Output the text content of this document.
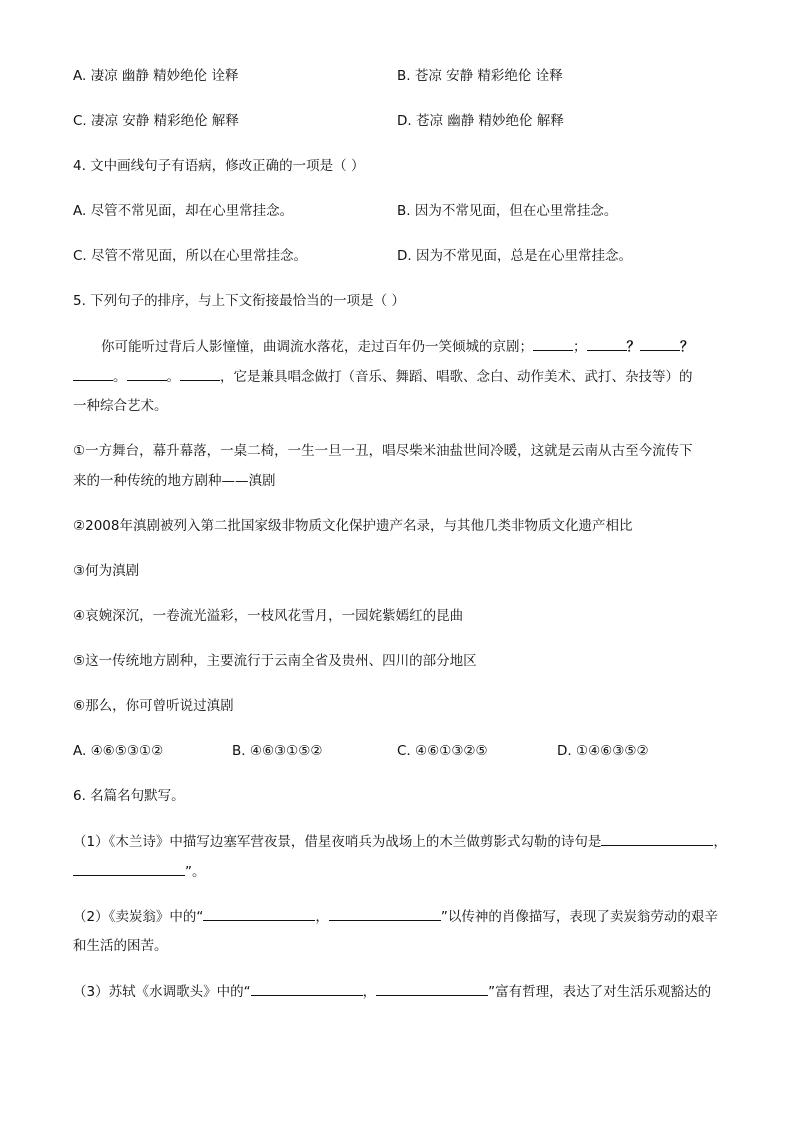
A. 凄凉 幽静 精妙绝伦 诠释	B. 苍凉 安静 精彩绝伦 诠释
C. 凄凉 安静 精彩绝伦 解释	D. 苍凉 幽静 精妙绝伦 解释
4. 文中画线句子有语病，修改正确的一项是（ ）
A. 尽管不常见面，却在心里常挂念。	B. 因为不常见面，但在心里常挂念。
C. 尽管不常见面，所以在心里常挂念。	D. 因为不常见面，总是在心里常挂念。
5. 下列句子的排序，与上下文衔接最恰当的一项是（ ）
你可能听过背后人影憧憧，曲调流水落花，走过百年仍一笑倾城的京剧；	；	？	？
。	。	，它是兼具唱念做打（音乐、舞蹈、唱歌、念白、动作美术、武打、杂技等）的
一种综合艺术。
①一方舞台，幕升幕落，一桌二椅，一生一旦一丑，唱尽柴米油盐世间冷暖，这就是云南从古至今流传下
来的一种传统的地方剧种——滇剧
②2008年滇剧被列入第二批国家级非物质文化保护遗产名录，与其他几类非物质文化遗产相比
③何为滇剧
④哀婉深沉，一卷流光溢彩，一枝风花雪月，一园姹紫嫣红的昆曲
⑤这一传统地方剧种，主要流行于云南全省及贵州、四川的部分地区
⑥那么，你可曾听说过滇剧
A. ④⑥⑤③①②	B. ④⑥③①⑤②	C. ④⑥①③②⑤	D. ①④⑥③⑤②
6. 名篇名句默写。
（1）《木兰诗》中描写边塞军营夜景，借星夜哨兵为战场上的木兰做剪影式勾勒的诗句是	，
”。
（2）《卖炭翁》中的“	，	”以传神的肖像描写，表现了卖炭翁劳动的艰辛
和生活的困苦。
（3）苏轼《水调歌头》中的“	，	”富有哲理，表达了对生活乐观豁达的
